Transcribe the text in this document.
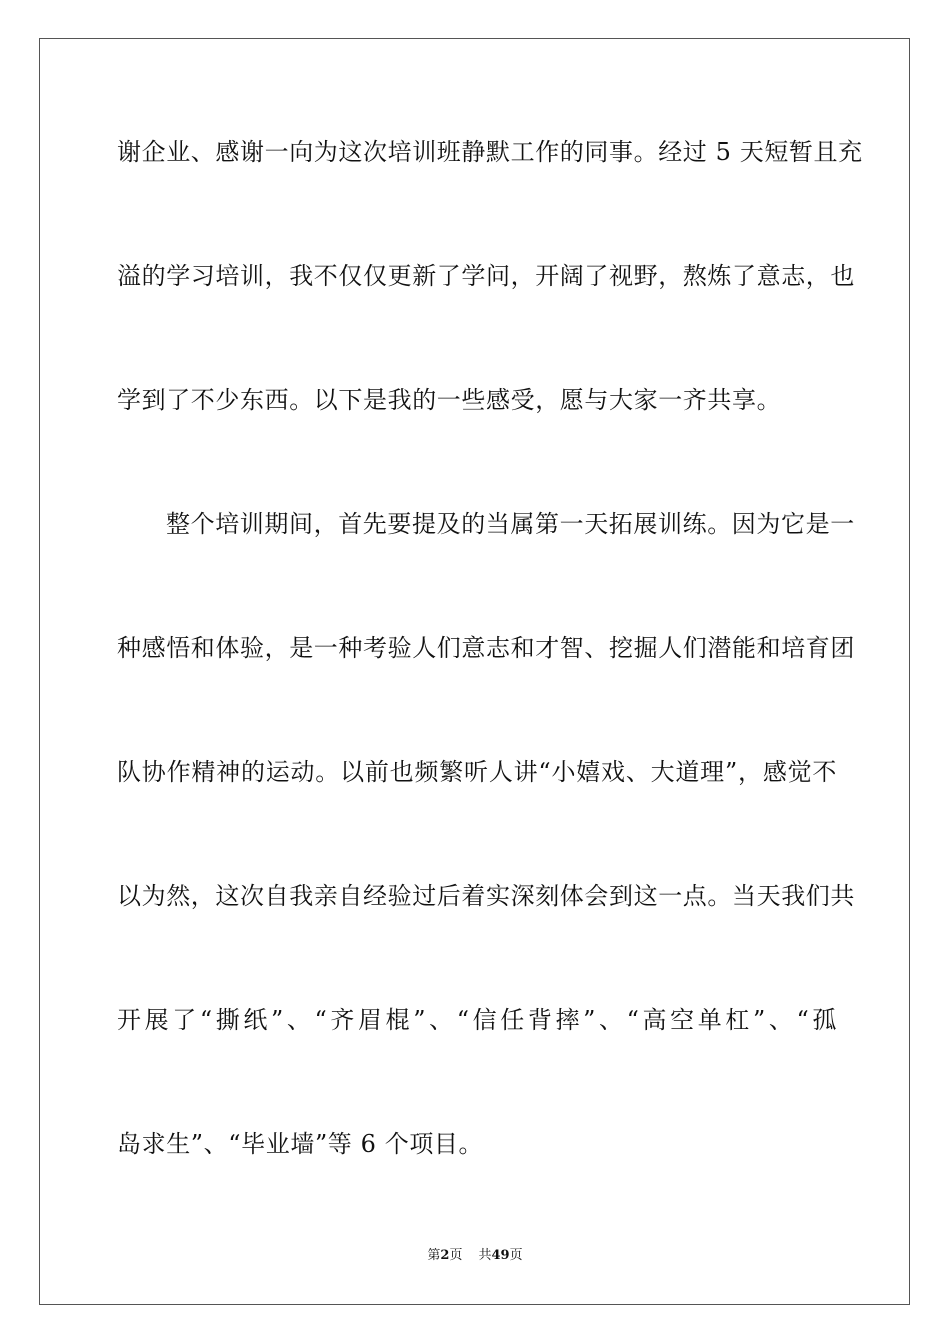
谢企业、感谢一向为这次培训班静默工作的同事。经过 5 天短暂且充
溢的学习培训，我不仅仅更新了学问，开阔了视野，熬炼了意志，也
学到了不少东西。以下是我的一些感受，愿与大家一齐共享。
整个培训期间，首先要提及的当属第一天拓展训练。因为它是一
种感悟和体验，是一种考验人们意志和才智、挖掘人们潜能和培育团
队协作精神的运动。以前也频繁听人讲“小嬉戏、大道理”，感觉不
以为然，这次自我亲自经验过后着实深刻体会到这一点。当天我们共
开展了“撕纸”、“齐眉棍”、“信任背摔”、“高空单杠”、“孤
岛求生”、“毕业墙”等 6 个项目。
第2页 共49页
